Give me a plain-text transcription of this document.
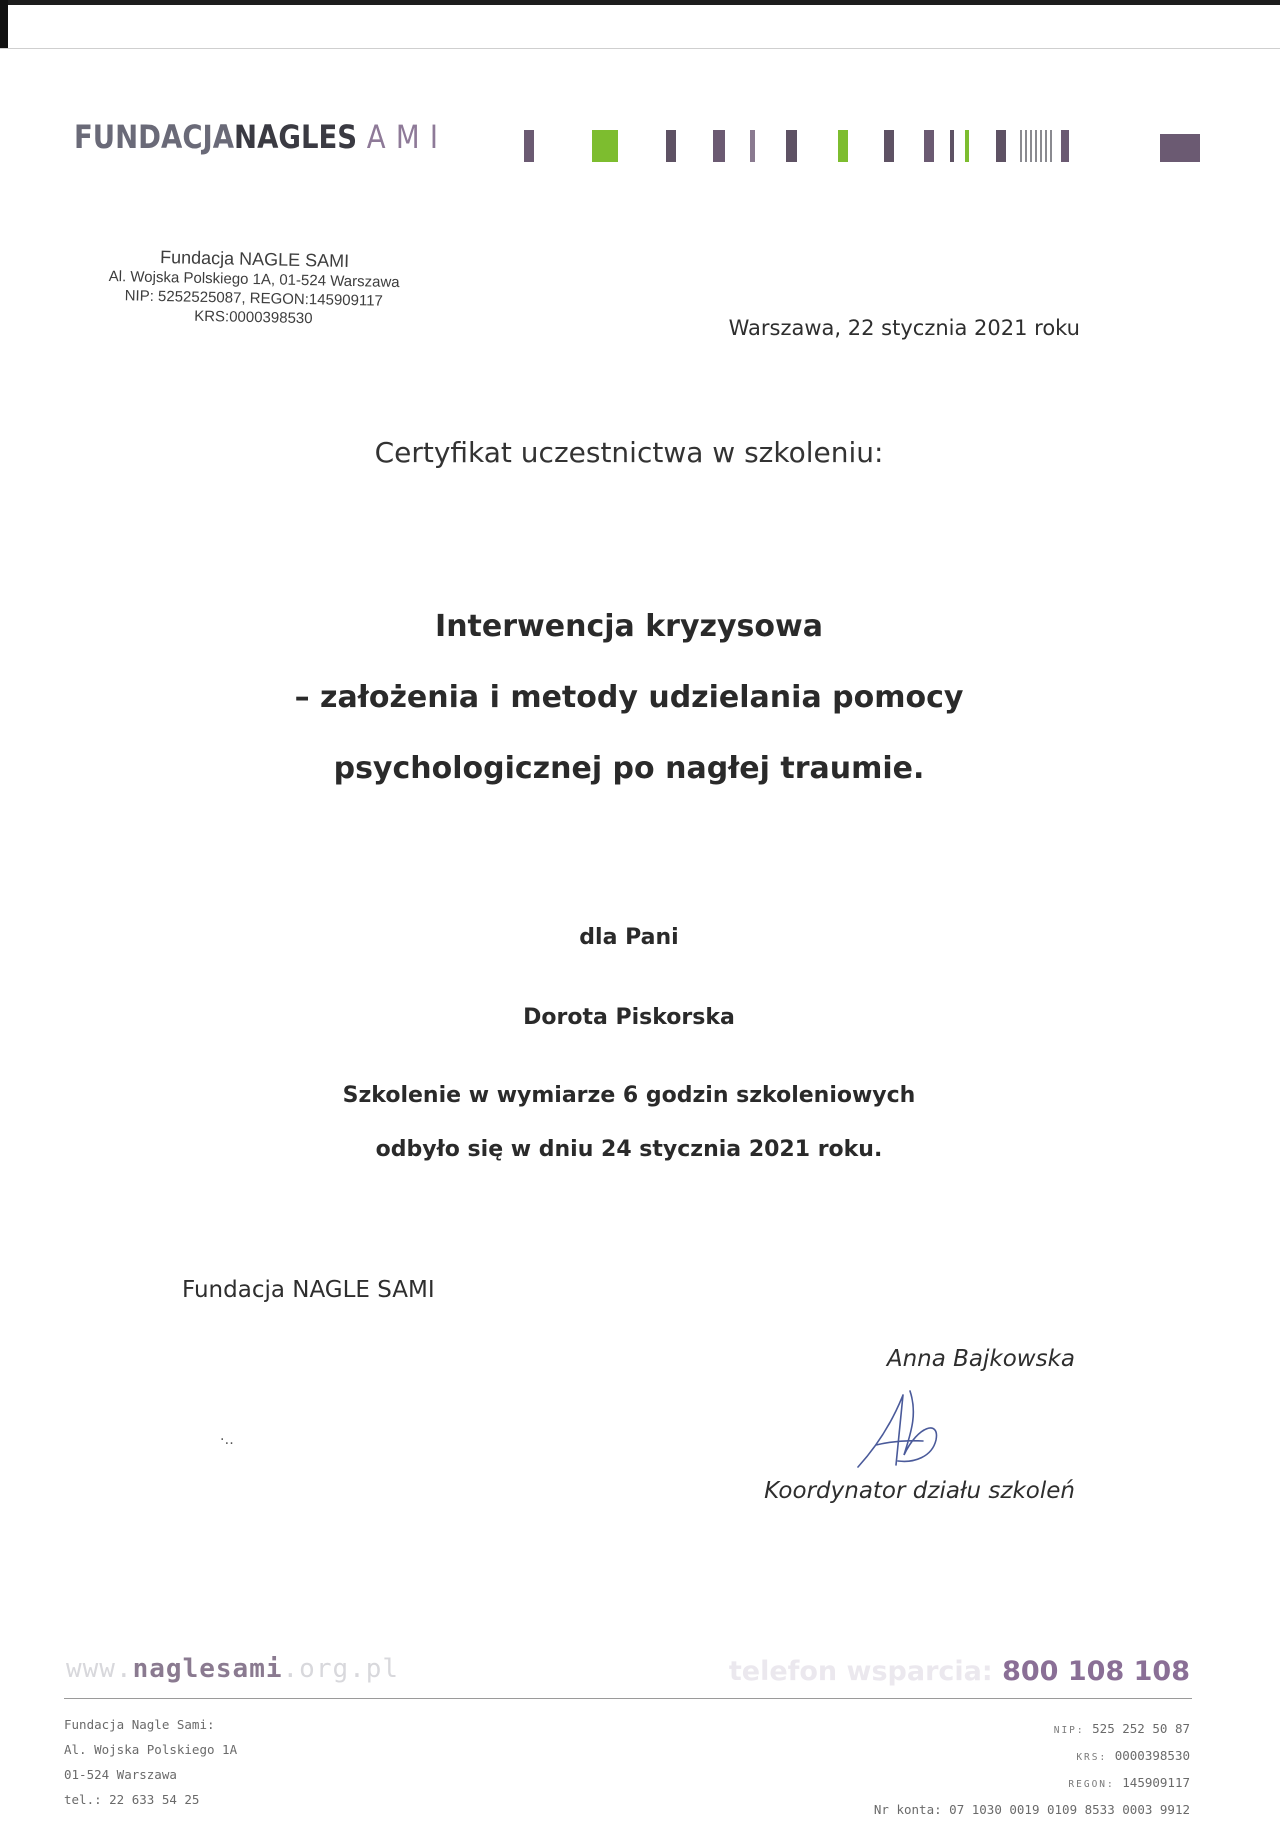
FUNDACJANAGLES AMI
Fundacja NAGLE SAMI
Al. Wojska Polskiego 1A, 01-524 Warszawa
NIP: 5252525087, REGON:145909117
KRS:0000398530	Warszawa, 22 stycznia 2021 roku
Certyfikat uczestnictwa w szkoleniu:
Interwencja kryzysowa
– założenia i metody udzielania pomocy
psychologicznej po nagłej traumie.
dla Pani
Dorota Piskorska
Szkolenie w wymiarze 6 godzin szkoleniowych
odbyło się w dniu 24 stycznia 2021 roku.
Fundacja NAGLE SAMI
Anna Bajkowska
Koordynator działu szkoleń
·‥
www.naglesami.org.pl	telefon wsparcia: 800 108 108
Fundacja Nagle Sami:
Al. Wojska Polskiego 1A
01-524 Warszawa
tel.: 22 633 54 25
NIP: 525 252 50 87
KRS: 0000398530
REGON: 145909117
Nr konta: 07 1030 0019 0109 8533 0003 9912
